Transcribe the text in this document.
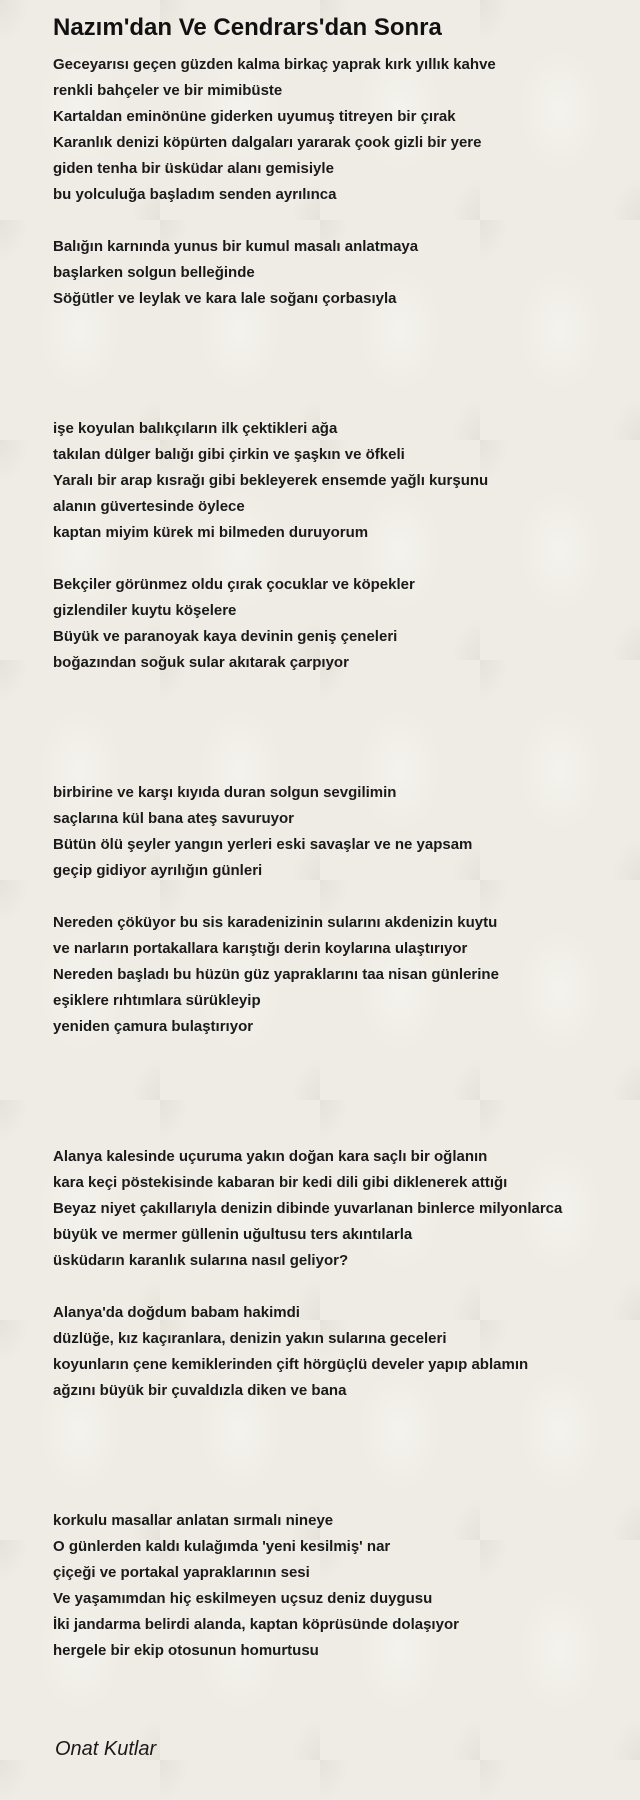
Nazım'dan Ve Cendrars'dan Sonra
Geceyarısı geçen güzden kalma birkaç yaprak kırk yıllık kahve
renkli bahçeler ve bir mimibüste
Kartaldan eminönüne giderken uyumuş titreyen bir çırak
Karanlık denizi köpürten dalgaları yararak çook gizli bir yere
giden tenha bir üsküdar alanı gemisiyle
bu yolculuğa başladım senden ayrılınca
Balığın karnında yunus bir kumul masalı anlatmaya
başlarken solgun belleğinde
Söğütler ve leylak ve kara lale soğanı çorbasıyla
işe koyulan balıkçıların ilk çektikleri ağa
takılan dülger balığı gibi çirkin ve şaşkın ve öfkeli
Yaralı bir arap kısrağı gibi bekleyerek ensemde yağlı kurşunu
alanın güvertesinde öylece
kaptan miyim kürek mi bilmeden duruyorum
Bekçiler görünmez oldu çırak çocuklar ve köpekler
gizlendiler kuytu köşelere
Büyük ve paranoyak kaya devinin geniş çeneleri
boğazından soğuk sular akıtarak çarpıyor
birbirine ve karşı kıyıda duran solgun sevgilimin
saçlarına kül bana ateş savuruyor
Bütün ölü şeyler yangın yerleri eski savaşlar ve ne yapsam
geçip gidiyor ayrılığın günleri
Nereden çöküyor bu sis karadenizinin sularını akdenizin kuytu
ve narların portakallara karıştığı derin koylarına ulaştırıyor
Nereden başladı bu hüzün güz yapraklarını taa nisan günlerine
eşiklere rıhtımlara sürükleyip
yeniden çamura bulaştırıyor
Alanya kalesinde uçuruma yakın doğan kara saçlı bir oğlanın
kara keçi pöstekisinde kabaran bir kedi dili gibi diklenerek attığı
Beyaz niyet çakıllarıyla denizin dibinde yuvarlanan binlerce milyonlarca
büyük ve mermer güllenin uğultusu ters akıntılarla
üsküdarın karanlık sularına nasıl geliyor?
Alanya'da doğdum babam hakimdi
düzlüğe, kız kaçıranlara, denizin yakın sularına geceleri
koyunların çene kemiklerinden çift hörgüçlü develer yapıp ablamın
ağzını büyük bir çuvaldızla diken ve bana
korkulu masallar anlatan sırmalı nineye
O günlerden kaldı kulağımda 'yeni kesilmiş' nar
çiçeği ve portakal yapraklarının sesi
Ve yaşamımdan hiç eskilmeyen uçsuz deniz duygusu
İki jandarma belirdi alanda, kaptan köprüsünde dolaşıyor
hergele bir ekip otosunun homurtusu
Onat Kutlar
